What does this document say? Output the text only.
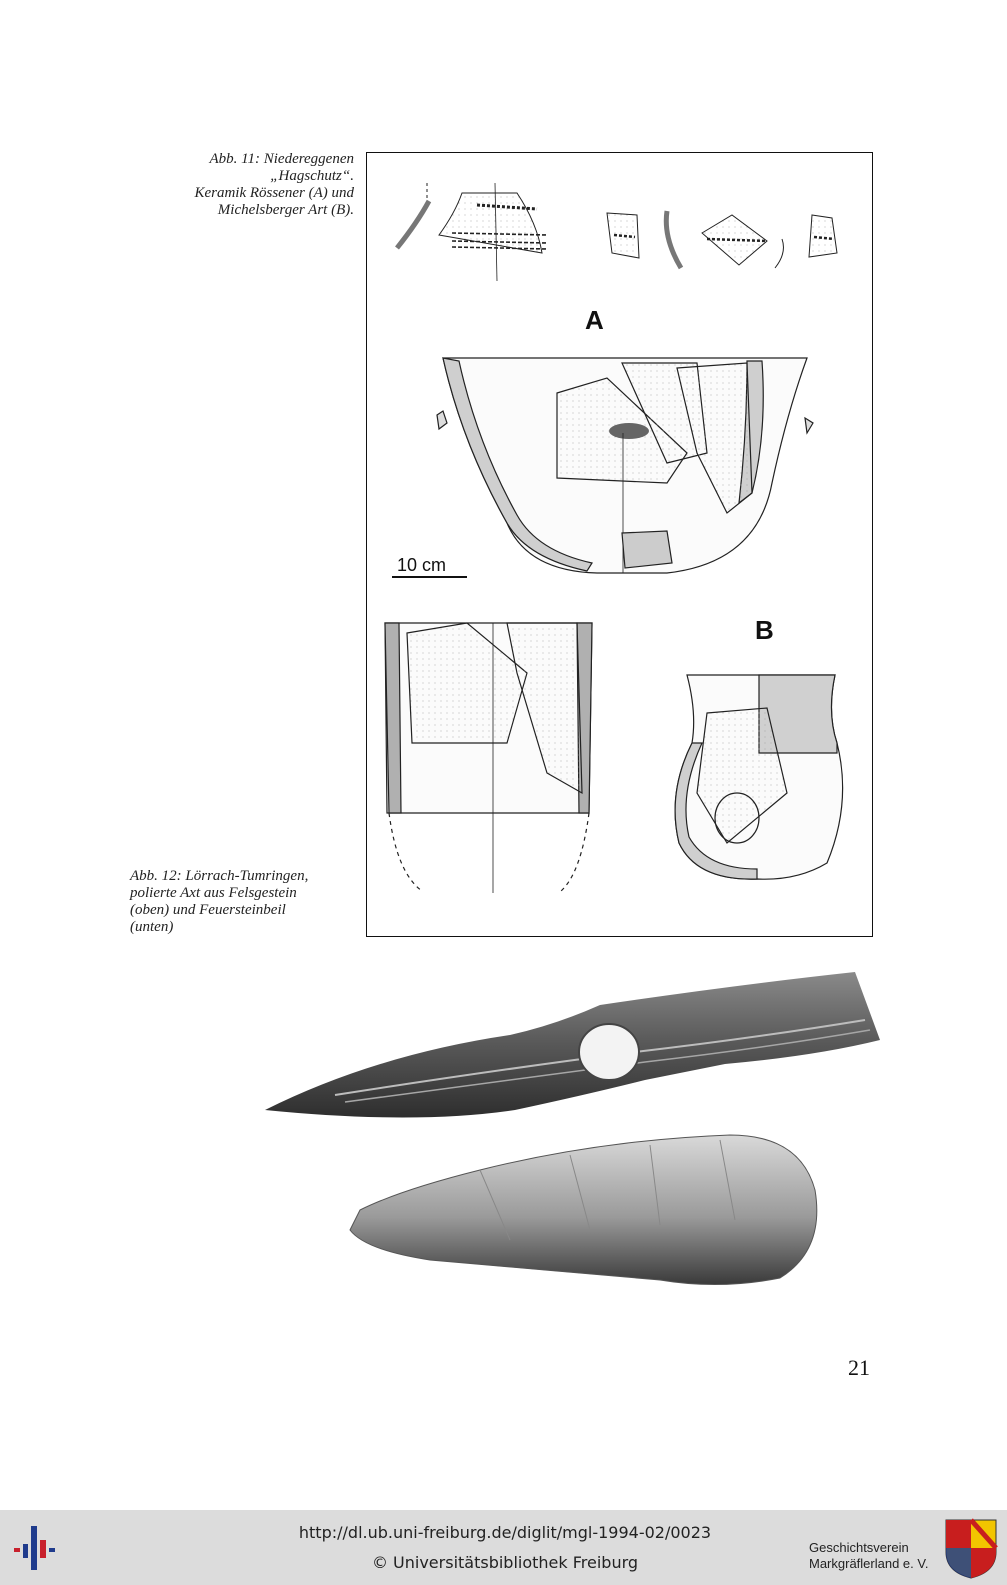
Abb. 11: Niedereggenen
„Hagschutz“.
Keramik Rössener (A) und
Michelsberger Art (B).
A
10 cm
B
Abb. 12: Lörrach-Tumringen,
polierte Axt aus Felsgestein
(oben) und Feuersteinbeil
(unten)
21
http://dl.ub.uni-freiburg.de/diglit/mgl-1994-02/0023
© Universitätsbibliothek Freiburg
Geschichtsverein
Markgräflerland e. V.
